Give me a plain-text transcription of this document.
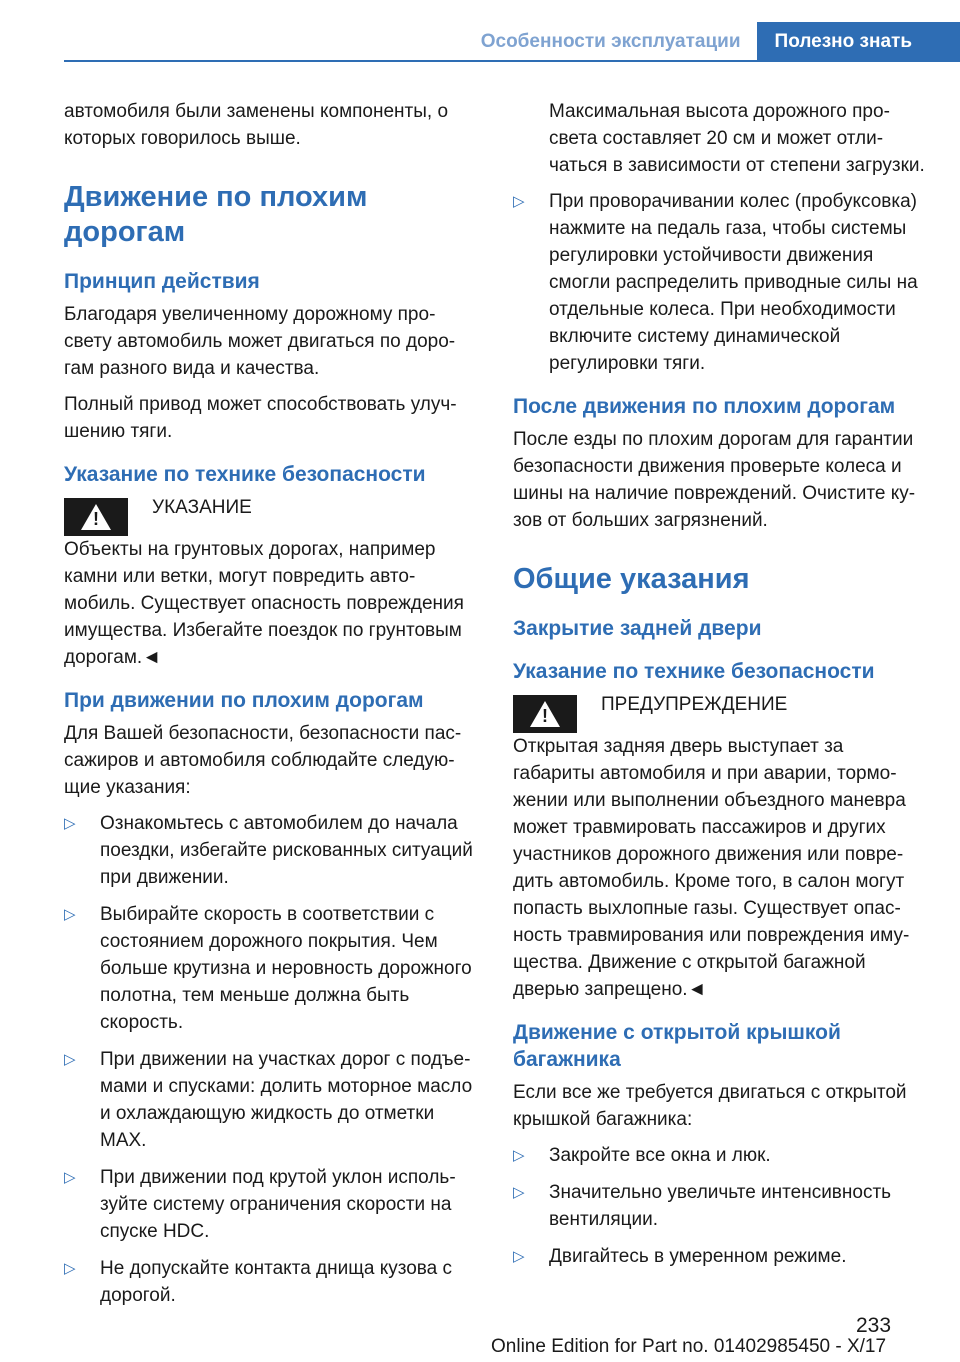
Особенности эксплуатации	Полезно знать

автомобиля были заменены компоненты, о которых говорилось выше.

Движение по плохим дорогам
Принцип действия

Благодаря увеличенному дорожному просвету автомобиль может двигаться по дорогам разного вида и качества.

Полный привод может способствовать улучшению тяги.

Указание по технике безопасности
!
УКАЗАНИЕ

Объекты на грунтовых дорогах, например камни или ветки, могут повредить автомобиль. Существует опасность повреждения имущества. Избегайте поездок по грунтовым дорогам.◄

При движении по плохим дорогам

Для Вашей безопасности, безопасности пассажиров и автомобиля соблюдайте следующие указания:

▷ Ознакомьтесь с автомобилем до начала поездки, избегайте рискованных ситуаций при движении.
▷ Выбирайте скорость в соответствии с состоянием дорожного покрытия. Чем больше крутизна и неровность дорожного полотна, тем меньше должна быть скорость.
▷ При движении на участках дорог с подъемами и спусками: долить моторное масло и охлаждающую жидкость до отметки MAX.
▷ При движении под крутой уклон используйте систему ограничения скорости на спуске HDC.
▷ Не допускайте контакта днища кузова с дорогой.

Максимальная высота дорожного просвета составляет 20 см и может отличаться в зависимости от степени загрузки.

▷ При проворачивании колес (пробуксовка) нажмите на педаль газа, чтобы системы регулировки устойчивости движения смогли распределить приводные силы на отдельные колеса. При необходимости включите систему динамической регулировки тяги.
После движения по плохим дорогам

После езды по плохим дорогам для гарантии безопасности движения проверьте колеса и шины на наличие повреждений. Очистите кузов от больших загрязнений.

Общие указания
Закрытие задней двери
Указание по технике безопасности
!
ПРЕДУПРЕЖДЕНИЕ

Открытая задняя дверь выступает за габариты автомобиля и при аварии, торможении или выполнении объездного маневра может травмировать пассажиров и других участников дорожного движения или повредить автомобиль. Кроме того, в салон могут попасть выхлопные газы. Существует опасность травмирования или повреждения имущества. Движение с открытой багажной дверью запрещено.◄

Движение с открытой крышкой багажника

Если все же требуется двигаться с открытой крышкой багажника:

▷ Закройте все окна и люк.
▷ Значительно увеличьте интенсивность вентиляции.
▷ Двигайтесь в умеренном режиме.
233
Online Edition for Part no. 01402985450 - X/17
